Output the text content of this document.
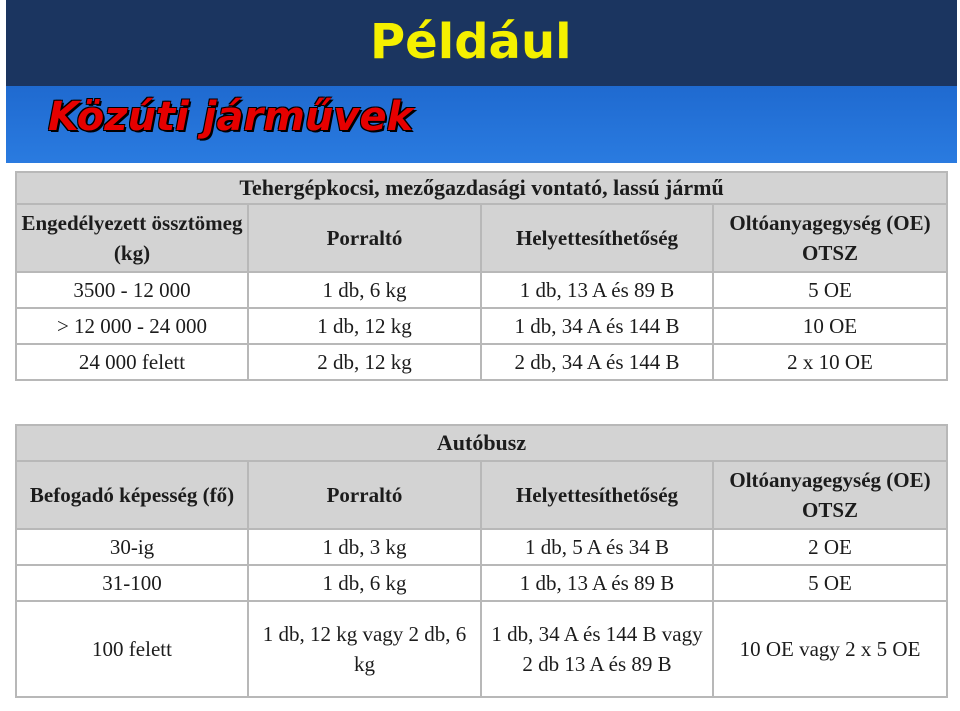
Például
Közúti járművek
Tehergépkocsi, mezőgazdasági vontató, lassú jármű			
Engedélyezett össztömeg (kg)	Porraltó	Helyettesíthetőség	Oltóanyagegység (OE) OTSZ
3500 - 12 000	1 db, 6 kg	1 db, 13 A és 89 B	5 OE
> 12 000 - 24 000	1 db, 12 kg	1 db, 34 A és 144 B	10 OE
24 000 felett	2 db, 12 kg	2 db, 34 A és 144 B	2 x 10 OE
Autóbusz			
Befogadó képesség (fő)	Porraltó	Helyettesíthetőség	Oltóanyagegység (OE) OTSZ
30-ig	1 db, 3 kg	1 db, 5 A és 34 B	2 OE
31-100	1 db, 6 kg	1 db, 13 A és 89 B	5 OE
100 felett	1 db, 12 kg vagy 2 db, 6 kg	1 db, 34 A és 144 B vagy 2 db 13 A és 89 B	10 OE vagy 2 x 5 OE
